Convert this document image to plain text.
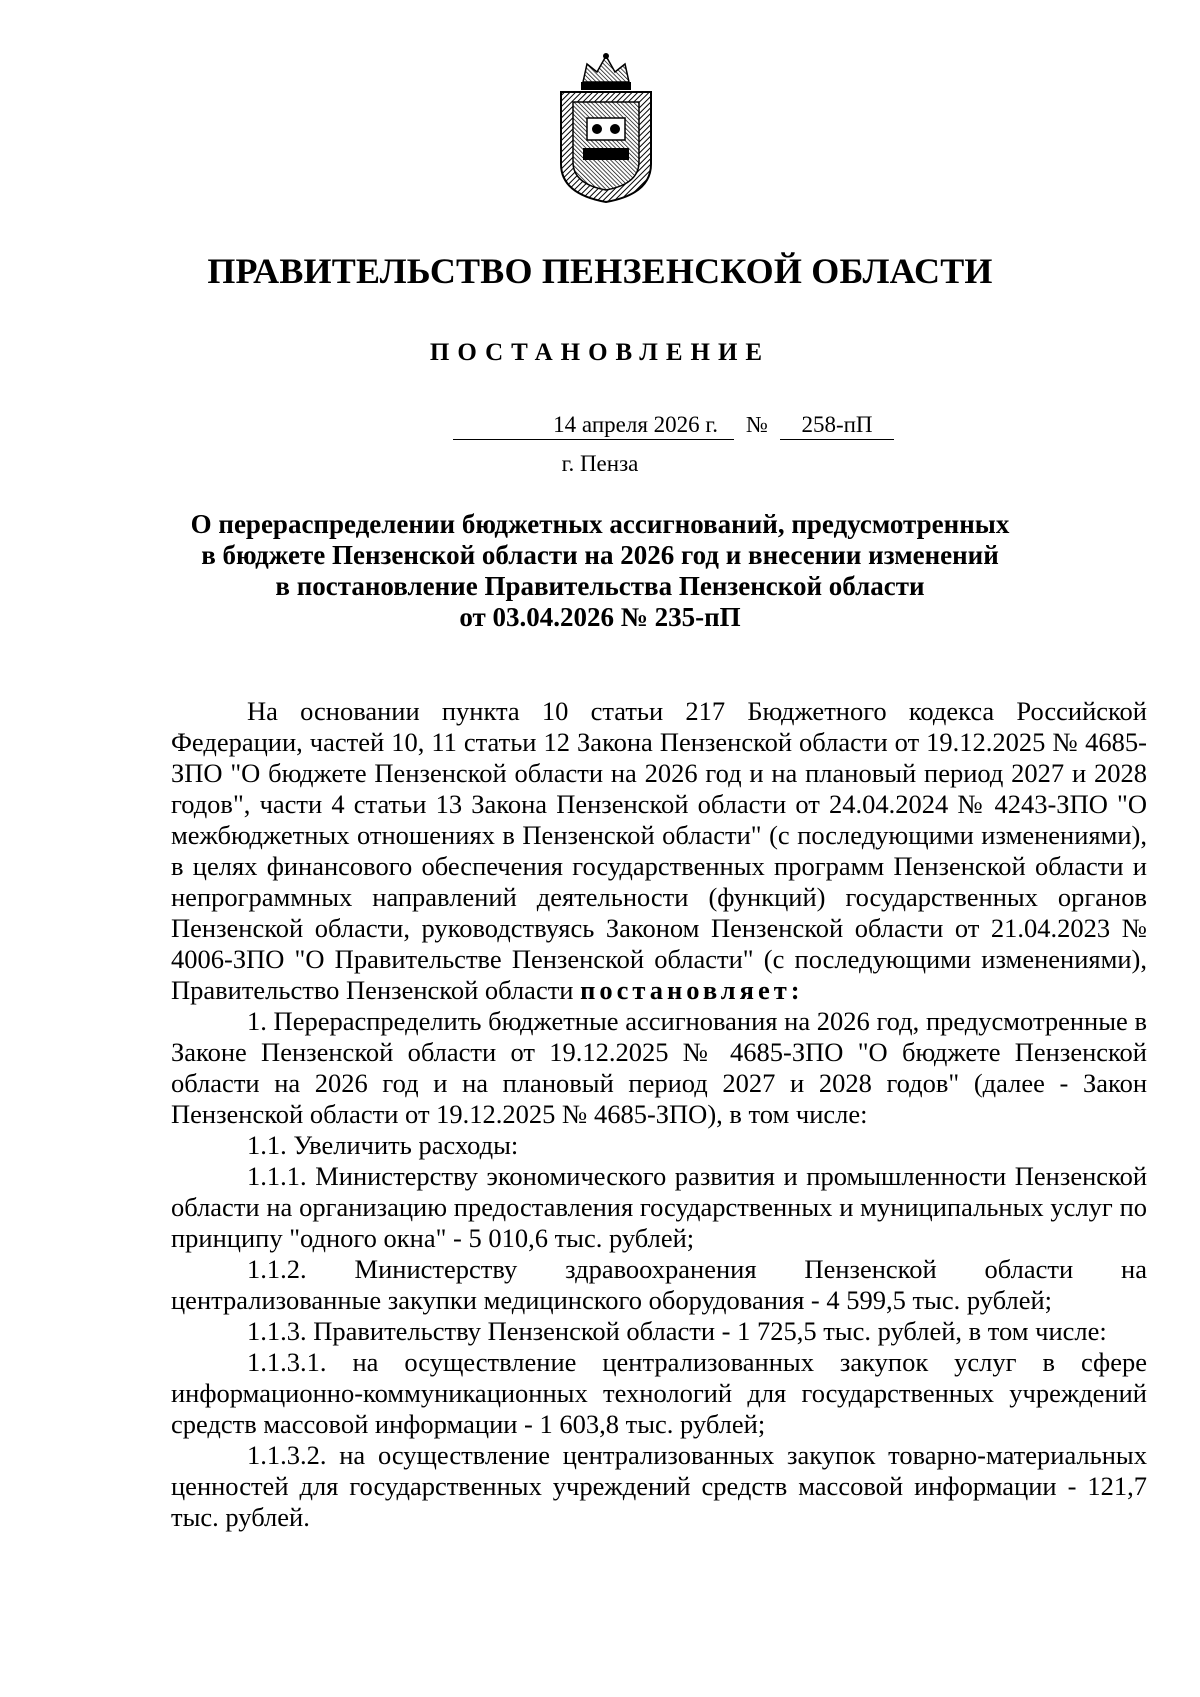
ПРАВИТЕЛЬСТВО ПЕНЗЕНСКОЙ ОБЛАСТИ
ПОСТАНОВЛЕНИЕ
14 апреля 2026 г.	№	258-пП
г. Пенза
О перераспределении бюджетных ассигнований, предусмотренных
в бюджете Пензенской области на 2026 год и внесении изменений
в постановление Правительства Пензенской области
от 03.04.2026 № 235-пП

На основании пункта 10 статьи 217 Бюджетного кодекса Российской Федерации, частей 10, 11 статьи 12 Закона Пензенской области от 19.12.2025 № 4685-ЗПО "О бюджете Пензенской области на 2026 год и на плановый период 2027 и 2028 годов", части 4 статьи 13 Закона Пензенской области от 24.04.2024 № 4243-ЗПО "О межбюджетных отношениях в Пензенской области" (с последующими изменениями), в целях финансового обеспечения государственных программ Пензенской области и непрограммных направлений деятельности (функций) государственных органов Пензенской области, руководствуясь Законом Пензенской области от 21.04.2023 № 4006-ЗПО "О Правительстве Пензенской области" (с последующими изменениями), Правительство Пензенской области постановляет:

1. Перераспределить бюджетные ассигнования на 2026 год, предусмотренные в Законе Пензенской области от 19.12.2025 № 4685-ЗПО "О бюджете Пензенской области на 2026 год и на плановый период 2027 и 2028 годов" (далее - Закон Пензенской области от 19.12.2025 № 4685-ЗПО), в том числе:

1.1. Увеличить расходы:

1.1.1. Министерству экономического развития и промышленности Пензенской области на организацию предоставления государственных и муниципальных услуг по принципу "одного окна" - 5 010,6 тыс. рублей;

1.1.2. Министерству здравоохранения Пензенской области на централизованные закупки медицинского оборудования - 4 599,5 тыс. рублей;

1.1.3. Правительству Пензенской области - 1 725,5 тыс. рублей, в том числе:

1.1.3.1. на осуществление централизованных закупок услуг в сфере информационно-коммуникационных технологий для государственных учреждений средств массовой информации - 1 603,8 тыс. рублей;

1.1.3.2. на осуществление централизованных закупок товарно-материальных ценностей для государственных учреждений средств массовой информации - 121,7 тыс. рублей.
